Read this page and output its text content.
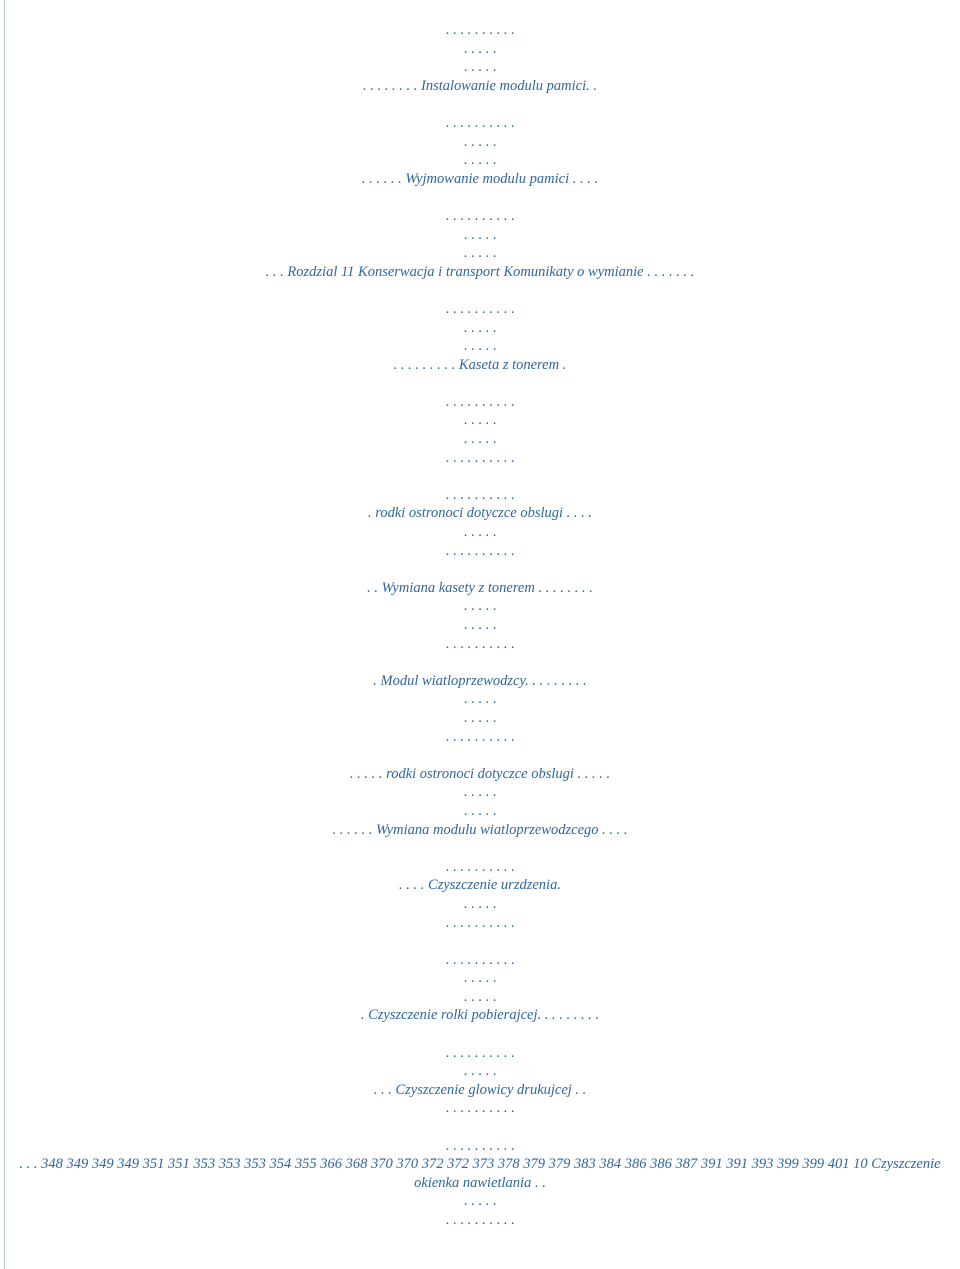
. . . . . . . . . .
. . . . .
. . . . .
. . . . . . . . Instalowanie modulu pamici. .
. . . . . . . . . .
. . . . .
. . . . .
. . . . . . Wyjmowanie modulu pamici . . . .
. . . . . . . . . .
. . . . .
. . . . .
. . . Rozdzial 11 Konserwacja i transport Komunikaty o wymianie . . . . . . .
. . . . . . . . . .
. . . . .
. . . . .
. . . . . . . . . Kaseta z tonerem .
. . . . . . . . . .
. . . . .
. . . . .
. . . . . . . . . .
. . . . . . . . . .
. rodki ostronoci dotyczce obslugi . . . .
. . . . .
. . . . . . . . . .
. . Wymiana kasety z tonerem . . . . . . . .
. . . . .
. . . . .
. . . . . . . . . .
. Modul wiatloprzewodzcy. . . . . . . . .
. . . . .
. . . . .
. . . . . . . . . .
. . . . . rodki ostronoci dotyczce obslugi . . . . .
. . . . .
. . . . .
. . . . . . Wymiana modulu wiatloprzewodzcego . . . .
. . . . . . . . . .
. . . . Czyszczenie urzdzenia.
. . . . .
. . . . . . . . . .
. . . . . . . . . .
. . . . .
. . . . .
. Czyszczenie rolki pobierajcej. . . . . . . . .
. . . . . . . . . .
. . . . .
. . . Czyszczenie glowicy drukujcej . .
. . . . . . . . . .
. . . . . . . . . .
. . . 348 349 349 349 351 351 353 353 353 354 355 366 368 370 370 372 372 373 378 379 379 383 384 386 386 387 391 391 393 399 399 401 10 Czyszczenie okienka nawietlania . .
. . . . .
. . . . . . . . . .
